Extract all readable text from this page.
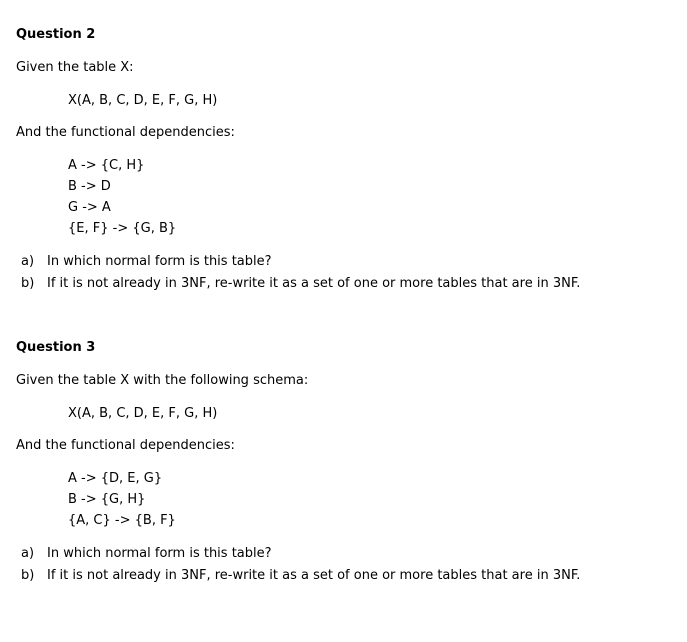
Question 2
Given the table X:
X(A, B, C, D, E, F, G, H)
And the functional dependencies:
A -> {C, H}
B -> D
G -> A
{E, F} -> {G, B}
a) In which normal form is this table?
b) If it is not already in 3NF, re-write it as a set of one or more tables that are in 3NF.
Question 3
Given the table X with the following schema:
X(A, B, C, D, E, F, G, H)
And the functional dependencies:
A -> {D, E, G}
B -> {G, H}
{A, C} -> {B, F}
a) In which normal form is this table?
b) If it is not already in 3NF, re-write it as a set of one or more tables that are in 3NF.
